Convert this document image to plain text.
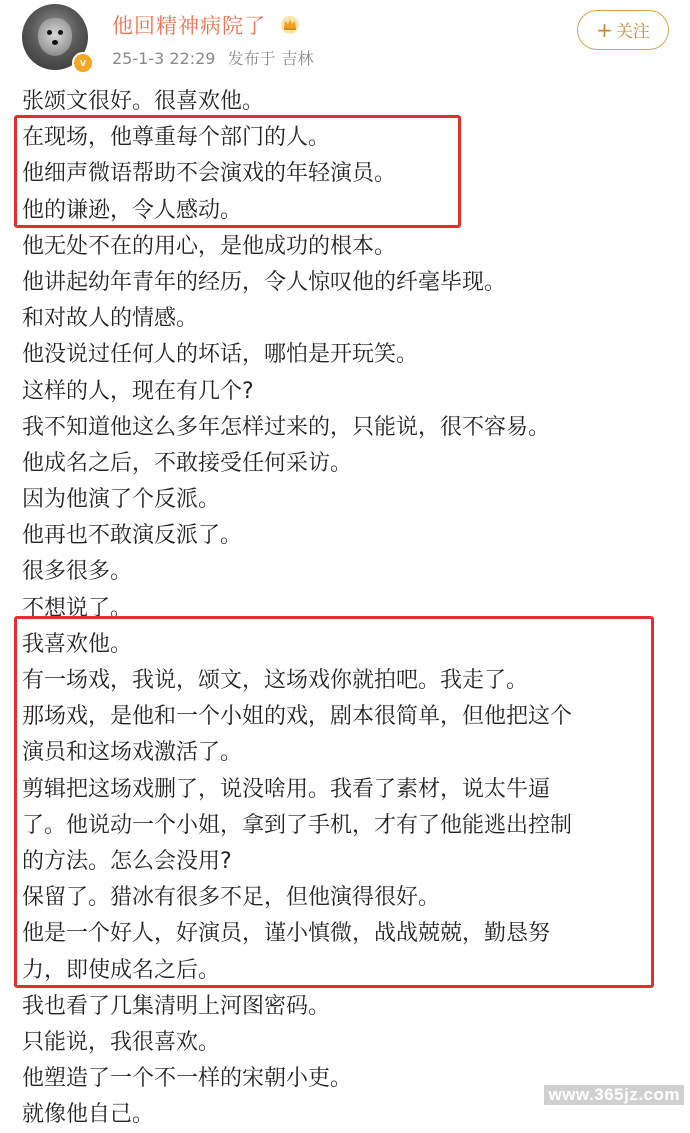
v
他回精神病院了
25-1-3 22:29 发布于 吉林
+ 关注
张颂文很好。很喜欢他。
在现场，他尊重每个部门的人。
他细声微语帮助不会演戏的年轻演员。
他的谦逊，令人感动。
他无处不在的用心，是他成功的根本。
他讲起幼年青年的经历，令人惊叹他的纤毫毕现。
和对故人的情感。
他没说过任何人的坏话，哪怕是开玩笑。
这样的人，现在有几个?
我不知道他这么多年怎样过来的，只能说，很不容易。
他成名之后，不敢接受任何采访。
因为他演了个反派。
他再也不敢演反派了。
很多很多。
不想说了。
我喜欢他。
有一场戏，我说，颂文，这场戏你就拍吧。我走了。
那场戏，是他和一个小姐的戏，剧本很简单，但他把这个
演员和这场戏激活了。
剪辑把这场戏删了，说没啥用。我看了素材，说太牛逼
了。他说动一个小姐，拿到了手机，才有了他能逃出控制
的方法。怎么会没用?
保留了。猎冰有很多不足，但他演得很好。
他是一个好人，好演员，谨小慎微，战战兢兢，勤恳努
力，即使成名之后。
我也看了几集清明上河图密码。
只能说，我很喜欢。
他塑造了一个不一样的宋朝小吏。
就像他自己。
www.365jz.com
